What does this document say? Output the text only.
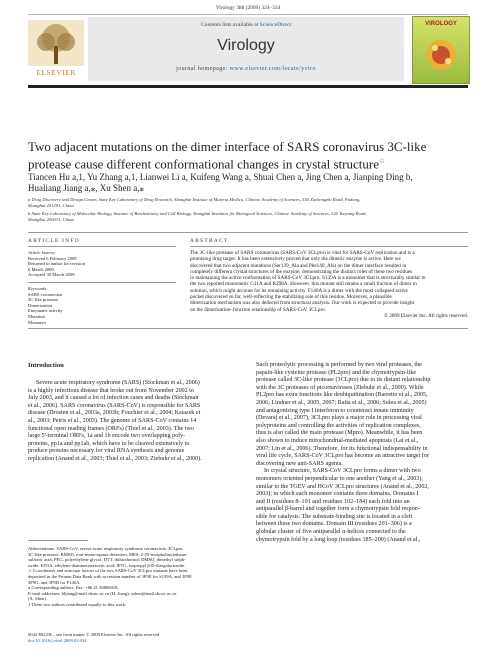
Virology 388 (2009) 324–334
ELSEVIER
Contents lists available at ScienceDirect
Virology
journal homepage: www.elsevier.com/locate/yviro
VIROLOGY
Two adjacent mutations on the dimer interface of SARS coronavirus 3C-like protease cause different conformational changes in crystal structure☆
Tiancen Hu a,1, Yu Zhang a,1, Lianwei Li a, Kuifeng Wang a, Shuai Chen a, Jing Chen a, Jianping Ding b,
Hualiang Jiang a,⁎, Xu Shen a,⁎
a Drug Discovery and Design Center, State Key Laboratory of Drug Research, Shanghai Institute of Materia Medica, Chinese Academy of Sciences, 555 Zuchongzhi Road, Pudong,
Shanghai 201203, China
b State Key Laboratory of Molecular Biology, Institute of Biochemistry and Cell Biology, Shanghai Institutes for Biological Sciences, Chinese Academy of Sciences, 320 Yueyang Road,
Shanghai 200031, China
ARTICLE INFO
Article history:
Received 6 February 2009
Returned to author for revision
6 March 2009
Accepted 30 March 2009
Keywords:
SARS coronavirus
3C-like protease
Dimerization
Enzymatic activity
Mutation
Monomer
ABSTRACT
The 3C-like protease of SARS coronavirus (SARS-CoV 3CLpro) is vital for SARS-CoV replication and is a
promising drug target. It has been extensively proved that only the dimeric enzyme is active. Here we
discovered that two adjacent mutations (Ser139_Ala and Phe140_Ala) on the dimer interface resulted in
completely different crystal structures of the enzyme, demonstrating the distinct roles of these two residues
in maintaining the active conformation of SARS-CoV 3CLpro. S139A is a monomer that is structurally similar to
the two reported monomeric G11A and R298A. However, this mutant still retains a small fraction of dimer in
solution, which might account for its remaining activity. F140A is a dimer with the most collapsed active
pocket discovered so far, well-reflecting the stabilizing role of this residue. Moreover, a plausible
dimerization mechanism was also deduced from structural analysis. Our work is expected to provide insight
on the dimerization–function relationship of SARS-CoV 3CLpro.
© 2009 Elsevier Inc. All rights reserved.
Introduction
Severe acute respiratory syndrome (SARS) (Stockman et al., 2006)
is a highly infectious disease that broke out from November 2002 to
July 2003, and it caused a lot of infection cases and deaths (Stockman
et al., 2006). SARS coronavirus (SARS-CoV) is responsible for SARS
disease (Drosten et al., 2003a, 2003b; Fouchier et al., 2004; Ksiazek et
al., 2003; Peiris et al., 2003). The genome of SARS-CoV contains 14
functional open reading frames (ORFs) (Thiel et al., 2003). The two
large 5'-terminal ORFs, 1a and 1b encode two overlapping poly-
proteins, pp1a and pp1ab, which have to be cleaved extensively to
produce proteins necessary for viral RNA synthesis and genome
replication (Anand et al., 2003; Thiel et al., 2003; Ziebuhr et al., 2000).
Such proteolytic processing is performed by two viral proteases, the
papain-like cysteine protease (PL2pro) and the chymotrypsin-like
protease called 3C-like protease (3CLpro) due to its distant relationship
with the 3C proteases of picornaviruses (Ziebuhr et al., 2000). While
PL2pro has extra functions like deubiquitination (Barretto et al., 2005,
2006; Lindner et al., 2005, 2007; Ratia et al., 2006; Sulea et al., 2005)
and antagonizing type I interferon to counteract innate immunity
(Devaraj et al., 2007), 3CLpro plays a major role in processing viral
polyproteins and controlling the activities of replication complexes,
thus is also called the main protease (Mpro). Meanwhile, it has been
also shown to induce mitochondrial-mediated apoptosis (Lai et al.,
2007; Lin et al., 2006). Therefore, for its functional indispensability in
viral life cycle, SARS-CoV 3CLpro has become an attractive target for
discovering new anti-SARS agents.
In crystal structure, SARS-CoV 3CLpro forms a dimer with two
monomers oriented perpendicular to one another (Yang et al., 2003),
similar to the TGEV and HCoV 3CLpro structures (Anand et al., 2002,
2003); in which each monomer contains three domains. Domains I
and II (residues 8–101 and residues 102–184) each fold into an
antiparallel β-barrel and together form a chymotrypsin fold respon-
sible for catalysis. The substrate-binding site is located in a cleft
between these two domains. Domain III (residues 201–306) is a
globular cluster of five antiparallel α-helices connected to the
chymotrypsin fold by a long loop (residues 185–200) (Anand et al.,
Abbreviations: SARS-CoV, severe acute respiratory syndrome coronavirus; 3CLpro,
3C-like protease; RMSD, root-mean-square deviation; MES, 2-(N-morpholino)ethane-
sulfonic acid; PEG, polyethylene glycol; DTT, dithiothreitol; DMSO, dimethyl sulph-
oxide; EDTA, ethylene diaminetetraacetic acid; IPTG, isopropyl β-D-thiogalactoside.
☆ Coordinates and structure factors of the two SARS-CoV 3CLpro mutants have been
deposited in the Protein Data Bank with accession number of 3F9E for S139A, and 3F9F,
3F9G, and 3F9H for F140A.
⁎ Corresponding authors. Fax: +86 21 50806918.
E-mail addresses: hljiang@mail.shcnc.ac.cn (H. Jiang), xshen@mail.shcnc.ac.cn
(X. Shen).
1 These two authors contributed equally to this work.
0042-6822/$ – see front matter © 2009 Elsevier Inc. All rights reserved.
doi:10.1016/j.virol.2009.03.034
